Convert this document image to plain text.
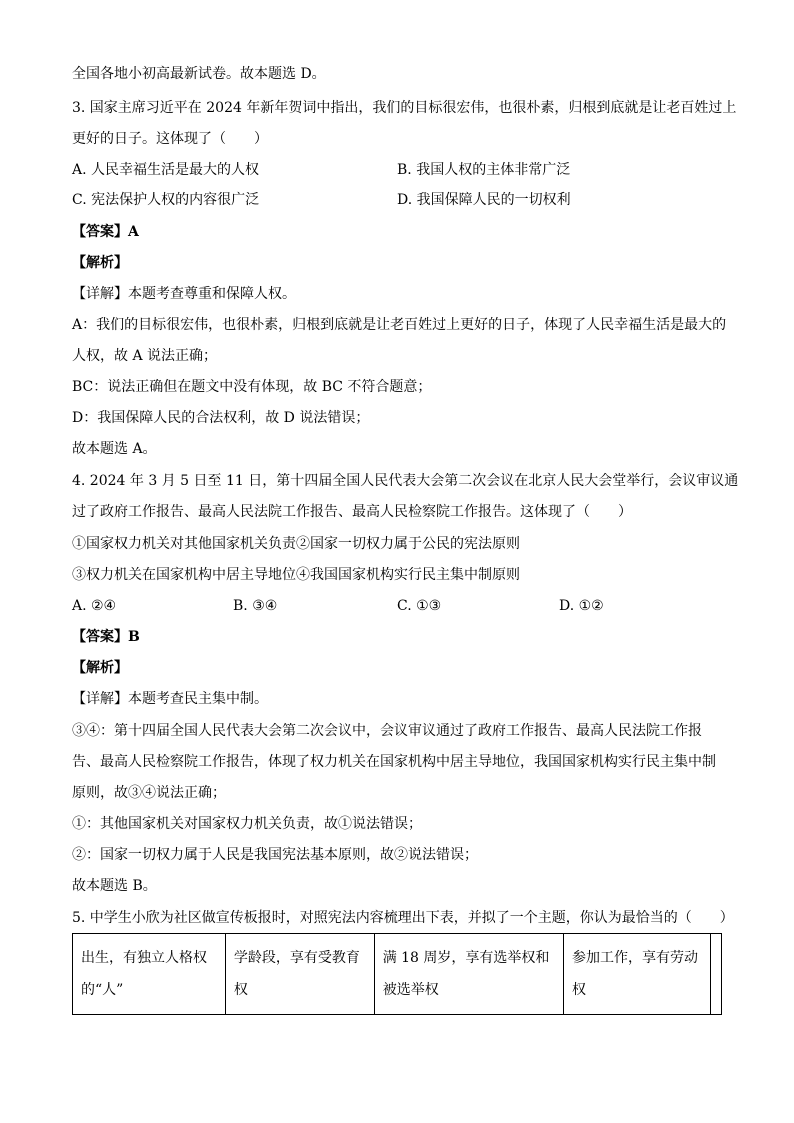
全国各地小初高最新试卷。故本题选 D。
3. 国家主席习近平在 2024 年新年贺词中指出，我们的目标很宏伟，也很朴素，归根到底就是让老百姓过上
更好的日子。这体现了（　　）
A. 人民幸福生活是最大的人权	B. 我国人权的主体非常广泛
C. 宪法保护人权的内容很广泛	D. 我国保障人民的一切权利
【答案】A
【解析】
【详解】本题考查尊重和保障人权。
A：我们的目标很宏伟，也很朴素，归根到底就是让老百姓过上更好的日子，体现了人民幸福生活是最大的
人权，故 A 说法正确；
BC：说法正确但在题文中没有体现，故 BC 不符合题意；
D：我国保障人民的合法权利，故 D 说法错误；
故本题选 A。
4. 2024 年 3 月 5 日至 11 日，第十四届全国人民代表大会第二次会议在北京人民大会堂举行，会议审议通
过了政府工作报告、最高人民法院工作报告、最高人民检察院工作报告。这体现了（　　）
①国家权力机关对其他国家机关负责②国家一切权力属于公民的宪法原则
③权力机关在国家机构中居主导地位④我国国家机构实行民主集中制原则
A. ②④	B. ③④	C. ①③	D. ①②
【答案】B
【解析】
【详解】本题考查民主集中制。
③④：第十四届全国人民代表大会第二次会议中，会议审议通过了政府工作报告、最高人民法院工作报
告、最高人民检察院工作报告，体现了权力机关在国家机构中居主导地位，我国国家机构实行民主集中制
原则，故③④说法正确；
①：其他国家机关对国家权力机关负责，故①说法错误；
②：国家一切权力属于人民是我国宪法基本原则，故②说法错误；
故本题选 B。
5. 中学生小欣为社区做宣传板报时，对照宪法内容梳理出下表，并拟了一个主题，你认为最恰当的（　　）
出生，有独立人格权的“人”	学龄段，享有受教育权	满 18 周岁，享有选举权和被选举权	参加工作，享有劳动权	
